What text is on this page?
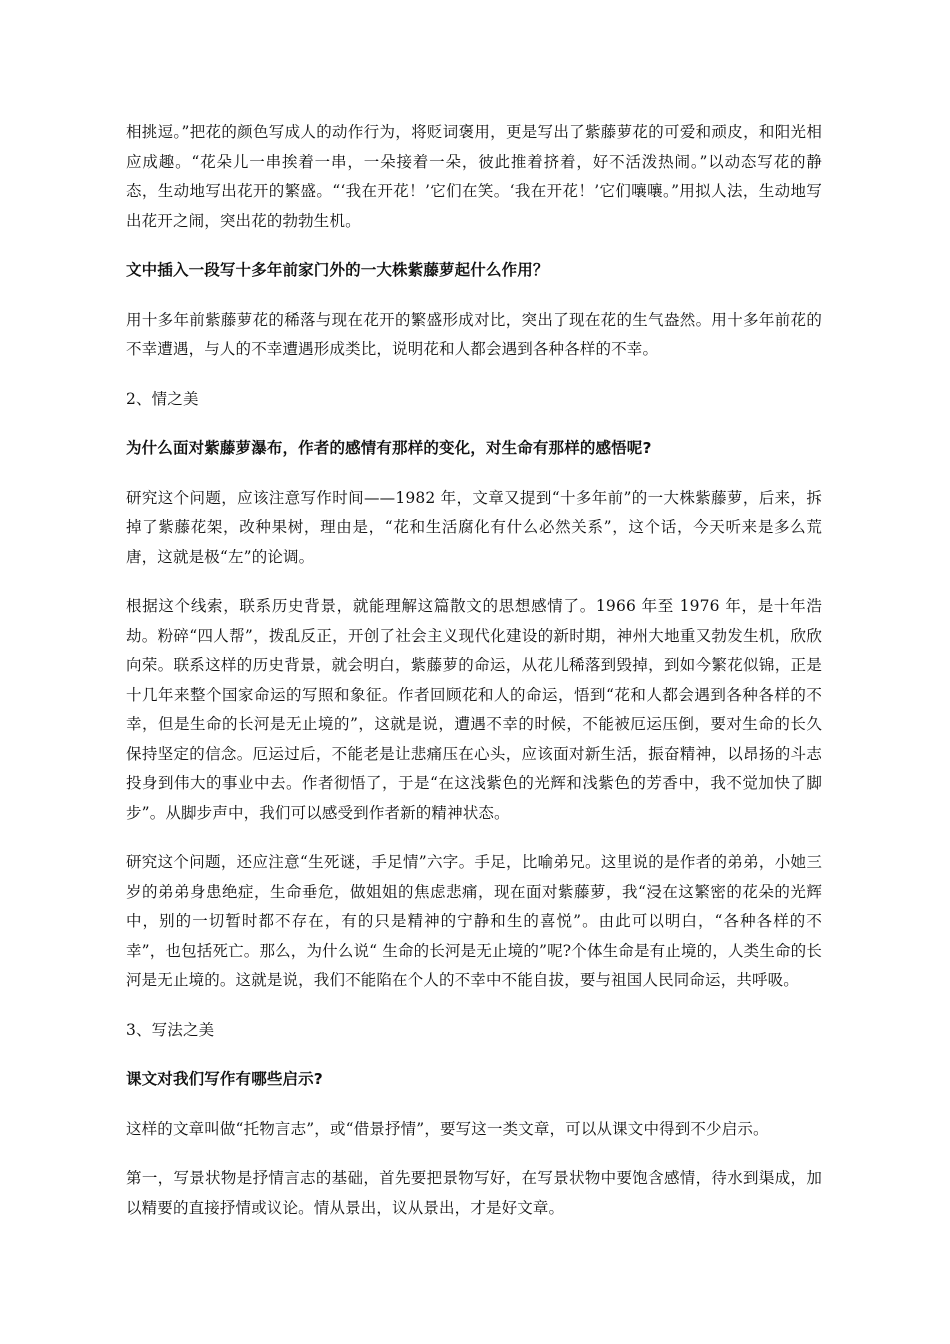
相挑逗。”把花的颜色写成人的动作行为，将贬词褒用，更是写出了紫藤萝花的可爱和顽皮，和阳光相应成趣。“花朵儿一串挨着一串，一朵接着一朵，彼此推着挤着，好不活泼热闹。”以动态写花的静态，生动地写出花开的繁盛。“‘我在开花！’它们在笑。‘我在开花！’它们嚷嚷。”用拟人法，生动地写出花开之闹，突出花的勃勃生机。

文中插入一段写十多年前家门外的一大株紫藤萝起什么作用？

用十多年前紫藤萝花的稀落与现在花开的繁盛形成对比，突出了现在花的生气盎然。用十多年前花的不幸遭遇，与人的不幸遭遇形成类比，说明花和人都会遇到各种各样的不幸。

2、情之美

为什么面对紫藤萝瀑布，作者的感情有那样的变化，对生命有那样的感悟呢?

研究这个问题，应该注意写作时间——1982 年，文章又提到“十多年前”的一大株紫藤萝，后来，拆掉了紫藤花架，改种果树，理由是，“花和生活腐化有什么必然关系”，这个话，今天听来是多么荒唐，这就是极“左”的论调。

根据这个线索，联系历史背景，就能理解这篇散文的思想感情了。1966 年至 1976 年，是十年浩劫。粉碎“四人帮”，拨乱反正，开创了社会主义现代化建设的新时期，神州大地重又勃发生机，欣欣向荣。联系这样的历史背景，就会明白，紫藤萝的命运，从花儿稀落到毁掉，到如今繁花似锦，正是十几年来整个国家命运的写照和象征。作者回顾花和人的命运，悟到“花和人都会遇到各种各样的不幸，但是生命的长河是无止境的”，这就是说，遭遇不幸的时候，不能被厄运压倒，要对生命的长久保持坚定的信念。厄运过后，不能老是让悲痛压在心头，应该面对新生活，振奋精神，以昂扬的斗志投身到伟大的事业中去。作者彻悟了，于是“在这浅紫色的光辉和浅紫色的芳香中，我不觉加快了脚步”。从脚步声中，我们可以感受到作者新的精神状态。

研究这个问题，还应注意“生死谜，手足情”六字。手足，比喻弟兄。这里说的是作者的弟弟，小她三岁的弟弟身患绝症，生命垂危，做姐姐的焦虑悲痛，现在面对紫藤萝，我“浸在这繁密的花朵的光辉中，别的一切暂时都不存在，有的只是精神的宁静和生的喜悦”。由此可以明白，“各种各样的不幸”，也包括死亡。那么，为什么说“ 生命的长河是无止境的”呢?个体生命是有止境的，人类生命的长河是无止境的。这就是说，我们不能陷在个人的不幸中不能自拔，要与祖国人民同命运，共呼吸。

3、写法之美

课文对我们写作有哪些启示?

这样的文章叫做“托物言志”，或“借景抒情”，要写这一类文章，可以从课文中得到不少启示。

第一，写景状物是抒情言志的基础，首先要把景物写好，在写景状物中要饱含感情，待水到渠成，加以精要的直接抒情或议论。情从景出，议从景出，才是好文章。
